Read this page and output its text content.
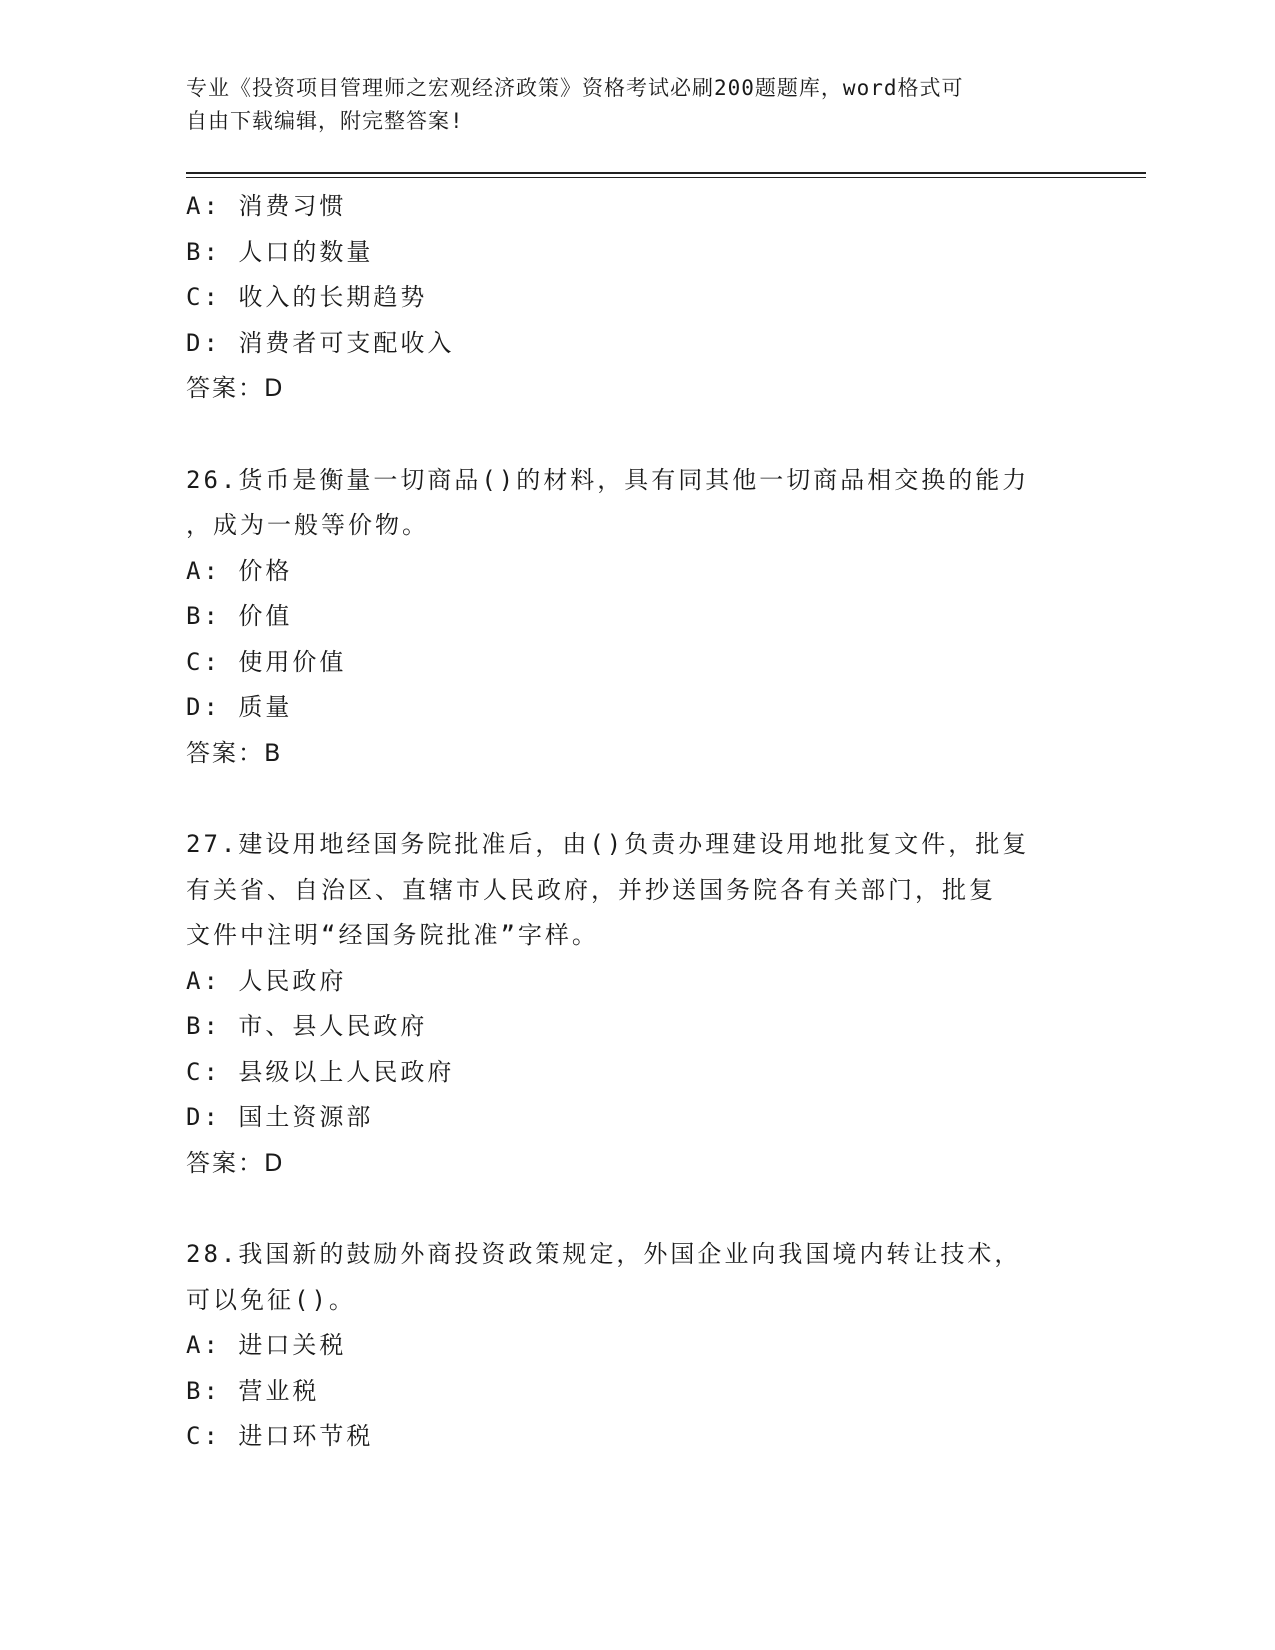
专业《投资项目管理师之宏观经济政策》资格考试必刷200题题库，word格式可
自由下载编辑，附完整答案!
A: 消费习惯
B: 人口的数量
C: 收入的长期趋势
D: 消费者可支配收入
答案：D
26.货币是衡量一切商品()的材料，具有同其他一切商品相交换的能力
，成为一般等价物。
A: 价格
B: 价值
C: 使用价值
D: 质量
答案：B
27.建设用地经国务院批准后，由()负责办理建设用地批复文件，批复
有关省、自治区、直辖市人民政府，并抄送国务院各有关部门，批复
文件中注明“经国务院批准”字样。
A: 人民政府
B: 市、县人民政府
C: 县级以上人民政府
D: 国土资源部
答案：D
28.我国新的鼓励外商投资政策规定，外国企业向我国境内转让技术，
可以免征()。
A: 进口关税
B: 营业税
C: 进口环节税
